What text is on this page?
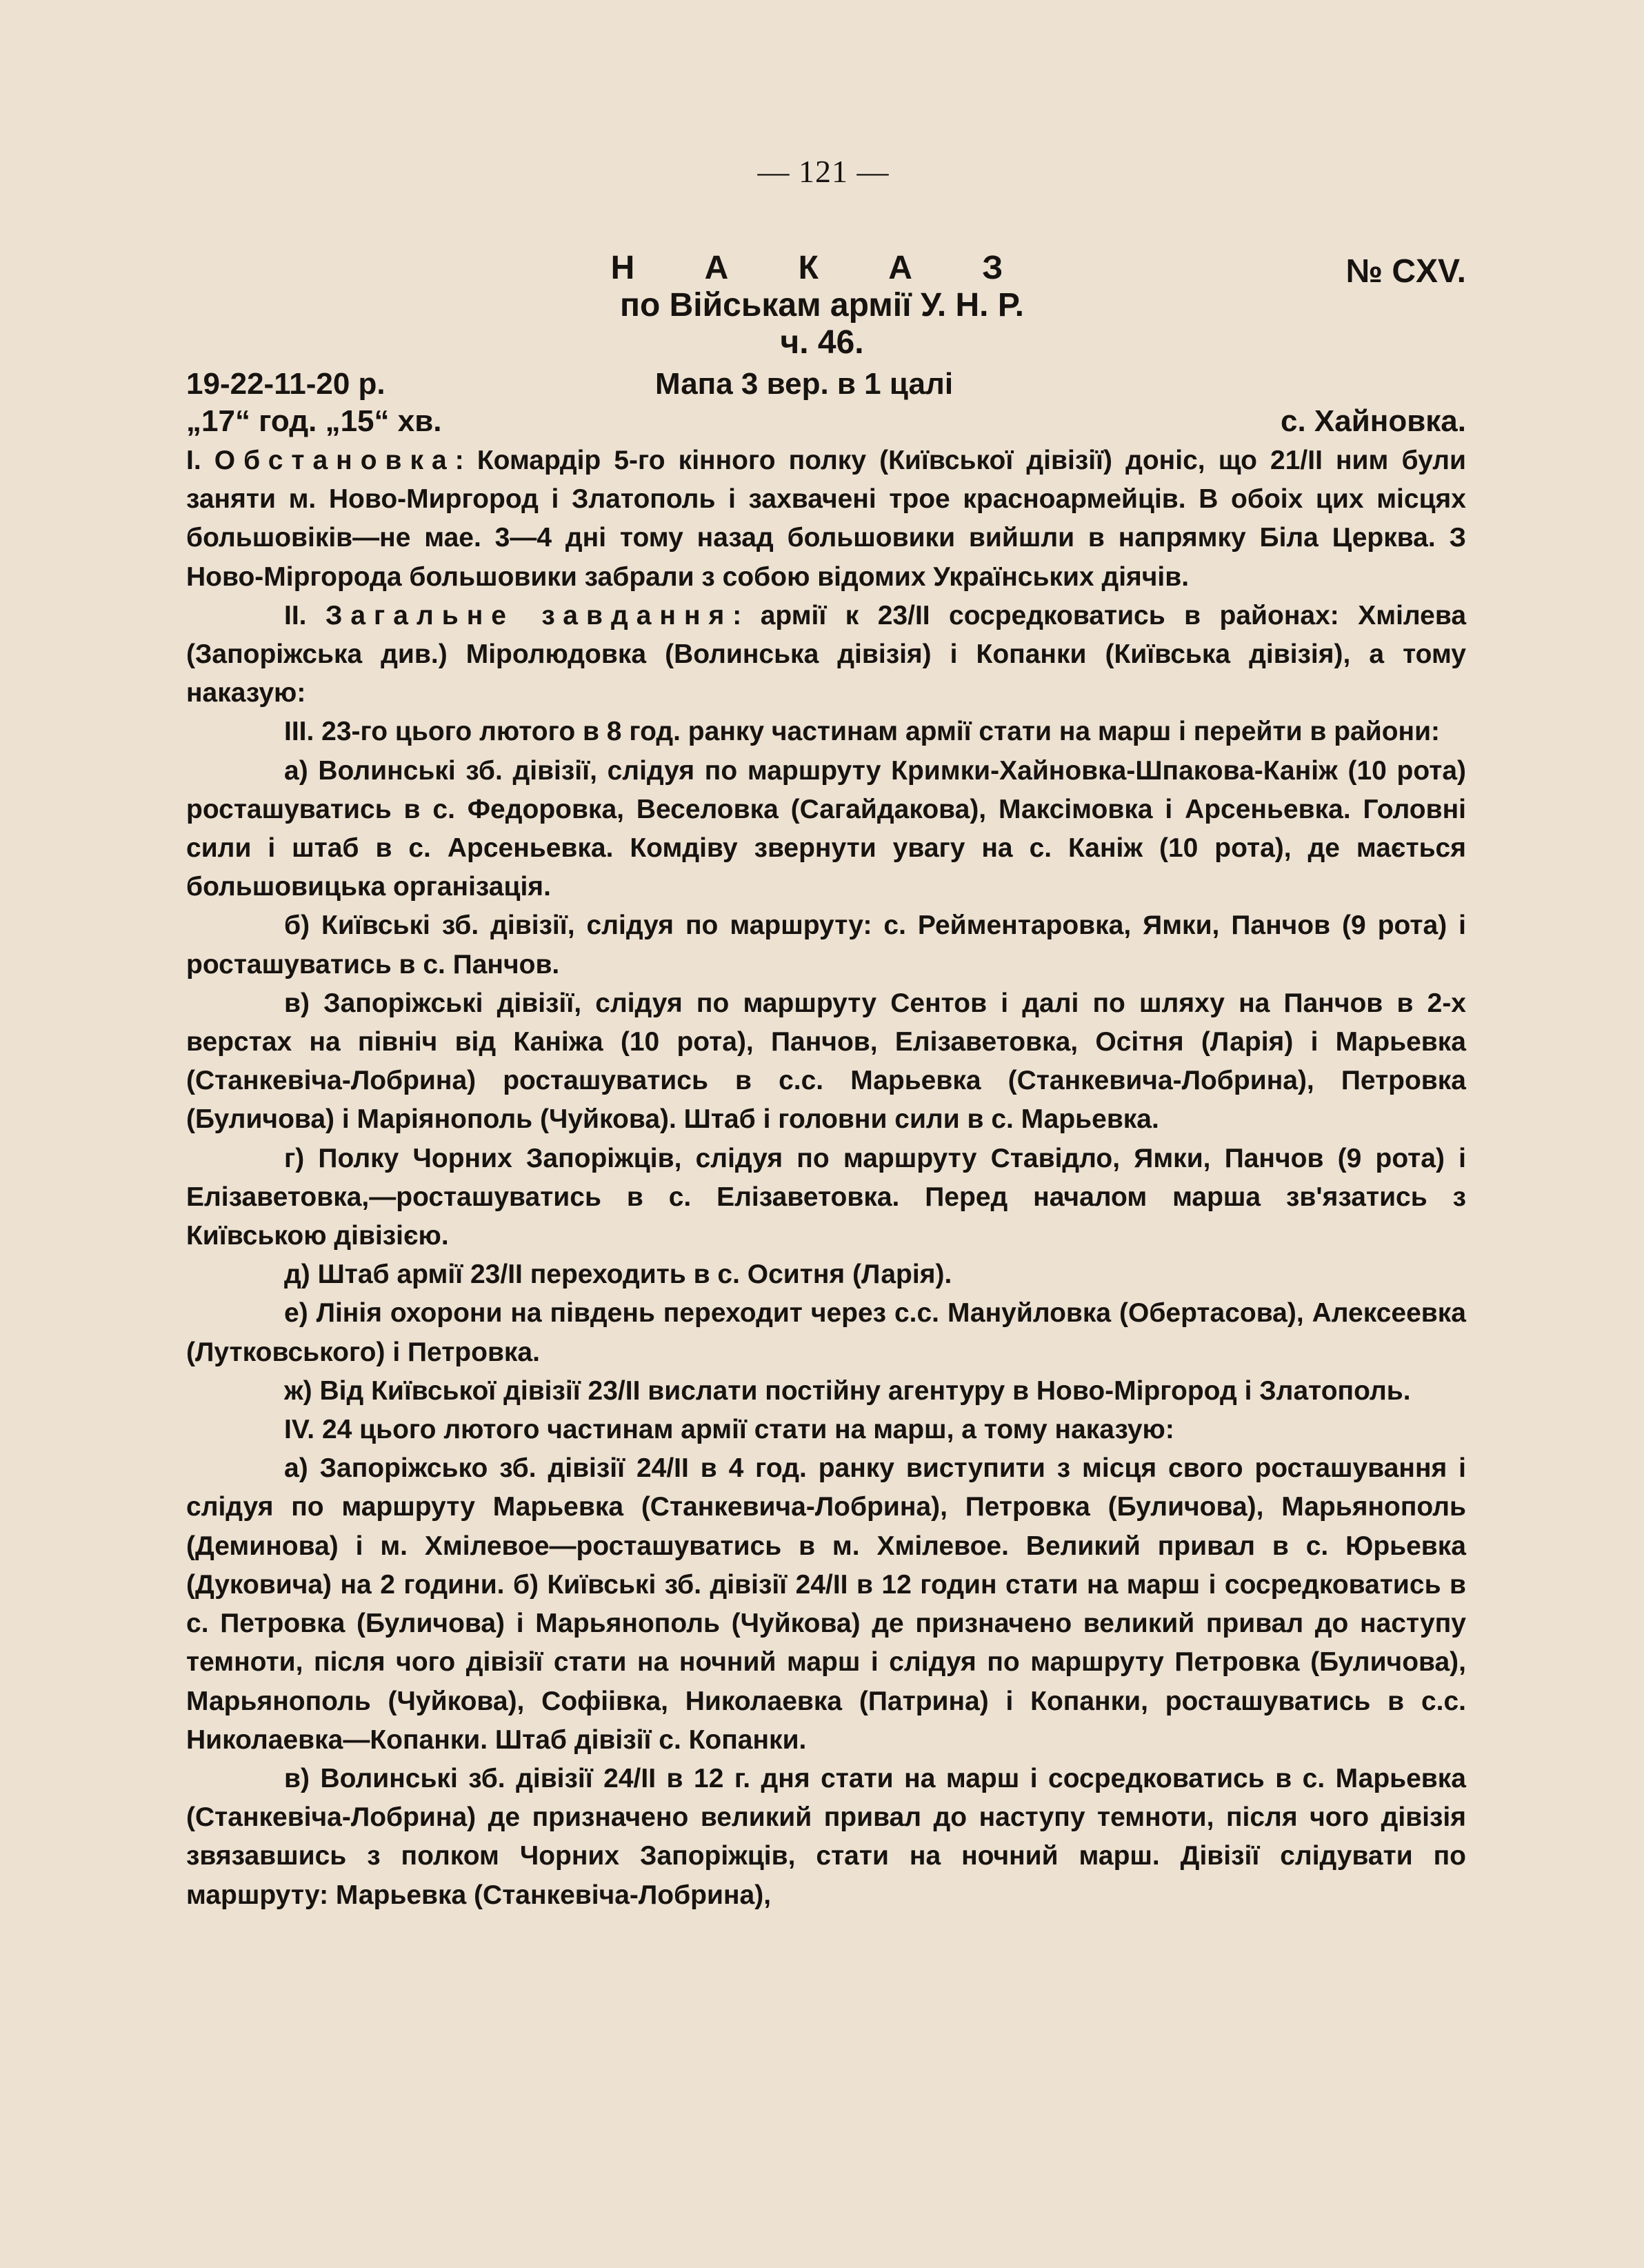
— 121 —
Н А К А З
по Військам армії У. Н. Р.
ч. 46.
№ CXV.
19-22-11-20 р.	Мапа 3 вер. в 1 цалі
„17“ год. „15“ хв.	с. Хайновка.

I. Обстановка: Комардір 5-го кінного полку (Київської дівізії) доніс, що 21/II ним були заняти м. Ново-Миргород і Златополь і захвачені трое красноармейців. В обоіх цих місцях большовіків—не мае. 3—4 дні тому назад большовики вийшли в напрямку Біла Церква. З Ново-Міргорода большовики забрали з собою відомих Українських діячів.

II. Загальне завдання: армії к 23/II сосредковатись в районах: Хмілева (Запоріжська див.) Міролюдовка (Волинська дівізія) і Копанки (Київська дівізія), а тому наказую:

III. 23-го цього лютого в 8 год. ранку частинам армії стати на марш і перейти в райони:

а) Волинські зб. дівізії, слідуя по маршруту Кримки-Хайновка-Шпакова-Каніж (10 рота) росташуватись в с. Федоровка, Веселовка (Сагайдакова), Максімовка і Арсеньевка. Головні сили і штаб в с. Арсеньевка. Комдіву звернути увагу на с. Каніж (10 рота), де мається большовицька організація.

б) Київські зб. дівізії, слідуя по маршруту: с. Рейментаровка, Ямки, Панчов (9 рота) і росташуватись в с. Панчов.

в) Запоріжські дівізії, слідуя по маршруту Сентов і далі по шляху на Панчов в 2-х верстах на північ від Каніжа (10 рота), Панчов, Елізаветовка, Осітня (Ларія) і Марьевка (Станкевіча-Лобрина) росташуватись в с.с. Марьевка (Станкевича-Лобрина), Петровка (Буличова) і Маріянополь (Чуйкова). Штаб і головни сили в с. Марьевка.

г) Полку Чорних Запоріжців, слідуя по маршруту Ставідло, Ямки, Панчов (9 рота) і Елізаветовка,—росташуватись в с. Елізаветовка. Перед началом марша зв'язатись з Київською дівізією.

д) Штаб армії 23/II переходить в с. Оситня (Ларія).

е) Лінія охорони на південь переходит через с.с. Мануйловка (Обертасова), Алексеевка (Лутковського) і Петровка.

ж) Від Київської дівізії 23/II вислати постійну агентуру в Ново-Міргород і Златополь.

IV. 24 цього лютого частинам армії стати на марш, а тому наказую:

а) Запоріжсько зб. дівізії 24/II в 4 год. ранку виступити з місця свого росташування і слідуя по маршруту Марьевка (Станкевича-Лобрина), Петровка (Буличова), Марьянополь (Деминова) і м. Хмілевое—росташуватись в м. Хмілевое. Великий привал в с. Юрьевка (Дуковича) на 2 години. б) Київські зб. дівізії 24/II в 12 годин стати на марш і сосредковатись в с. Петровка (Буличова) і Марьянополь (Чуйкова) де призначено великий привал до наступу темноти, після чого дівізії стати на ночний марш і слідуя по маршруту Петровка (Буличова), Марьянополь (Чуйкова), Софіівка, Николаевка (Патрина) і Копанки, росташуватись в с.с. Николаевка—Копанки. Штаб дівізії с. Копанки.

в) Волинські зб. дівізії 24/II в 12 г. дня стати на марш і сосредковатись в с. Марьевка (Станкевіча-Лобрина) де призначено великий привал до наступу темноти, після чого дівізія звязавшись з полком Чорних Запоріжців, стати на ночний марш. Дівізії слідувати по маршруту: Марьевка (Станкевіча-Лобрина),
